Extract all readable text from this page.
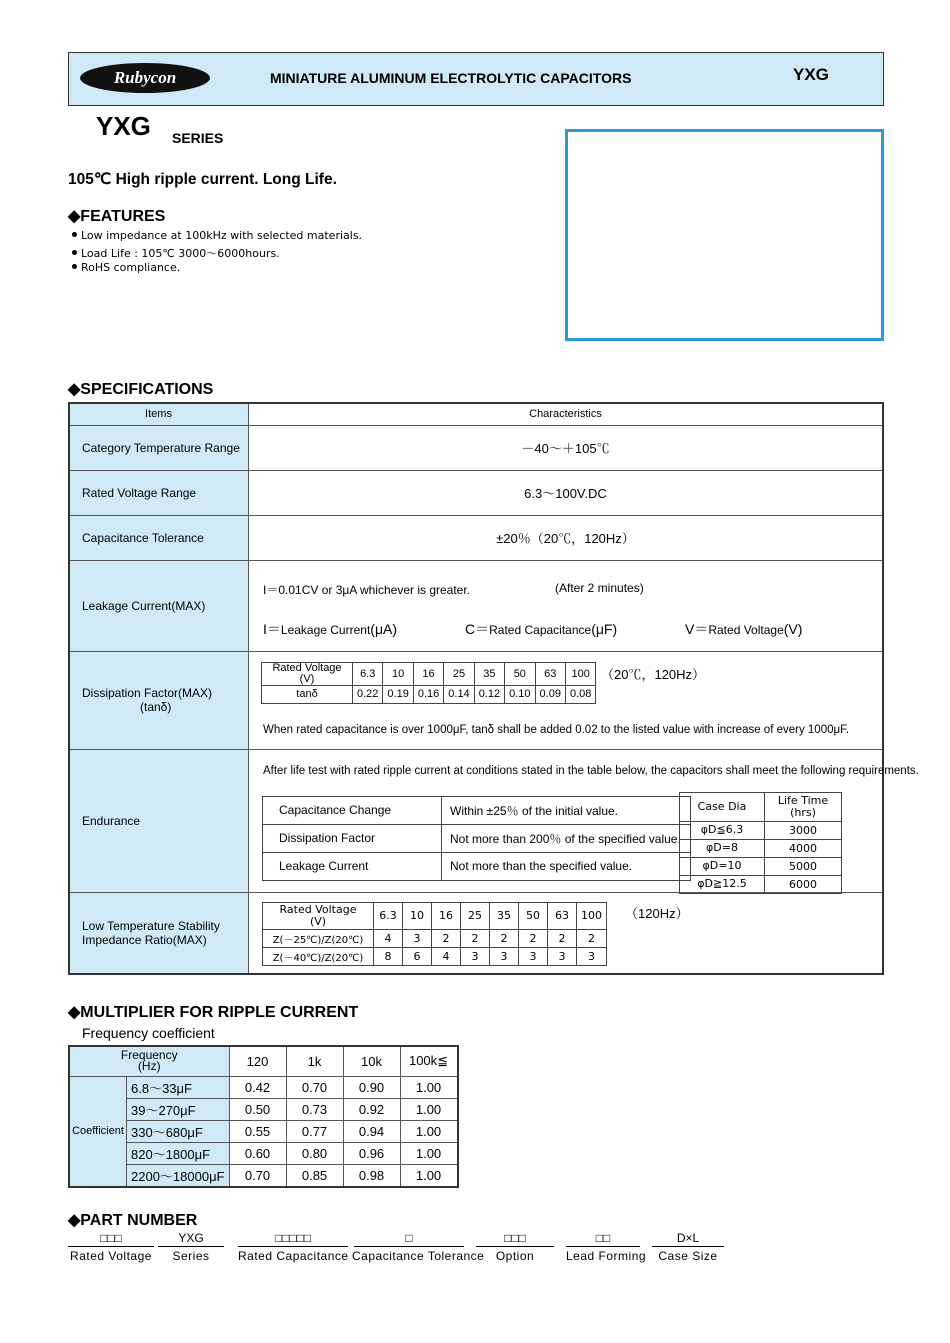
Rubycon	MINIATURE ALUMINUM ELECTROLYTIC CAPACITORS	YXG
YXG SERIES
105℃ High ripple current. Long Life.
◆FEATURES
Low impedance at 100kHz with selected materials.
Load Life : 105℃ 3000～6000hours.
RoHS compliance.
◆SPECIFICATIONS
Items	Characteristics
Category Temperature Range	－40～＋105℃
Rated Voltage Range	6.3～100V.DC
Capacitance Tolerance	±20％（20℃，120Hz）
Leakage Current(MAX)	
I＝0.01CV or 3μA whichever is greater.	(After 2 minutes)
I＝Leakage Current(μA)	C＝Rated Capacitance(μF)	V＝Rated Voltage(V)

Dissipation Factor(MAX)
(tanδ)

Rated Voltage
(V)	6.3	10	16	25	35	50	63	100
tanδ	0.22	0.19	0.16	0.14	0.12	0.10	0.09	0.08
（20℃，120Hz）
When rated capacitance is over 1000μF, tanδ shall be added 0.02 to the listed value with increase of every 1000μF.

Endurance	
After life test with rated ripple current at conditions stated in the table below, the capacitors shall meet the following requirements.
Capacitance Change	Within ±25％ of the initial value.
Dissipation Factor	Not more than 200％ of the specified value.
Leakage Current	Not more than the specified value.
Case Dia	Life Time
(hrs)
φD≦6.3	3000
φD=8	4000
φD=10	5000
φD≧12.5	6000

Low Temperature Stability
Impedance Ratio(MAX)	
Rated Voltage
(V)	6.3	10	16	25	35	50	63	100
Z(－25℃)/Z(20℃)	4	3	2	2	2	2	2	2
Z(－40℃)/Z(20℃)	8	6	4	3	3	3	3	3
（120Hz）
◆MULTIPLIER FOR RIPPLE CURRENT
Frequency coefficient
Frequency
(Hz)		120	1k	10k	100k≦
Coefficient	6.8～33μF	0.42	0.70	0.90	1.00
	39～270μF	0.50	0.73	0.92	1.00
	330～680μF	0.55	0.77	0.94	1.00
	820～1800μF	0.60	0.80	0.96	1.00
	2200～18000μF	0.70	0.85	0.98	1.00
◆PART NUMBER
□□□
Rated Voltage
YXG
Series
□□□□□
Rated Capacitance
□
Capacitance Tolerance
□□□
Option
□□
Lead Forming
D×L
Case Size
